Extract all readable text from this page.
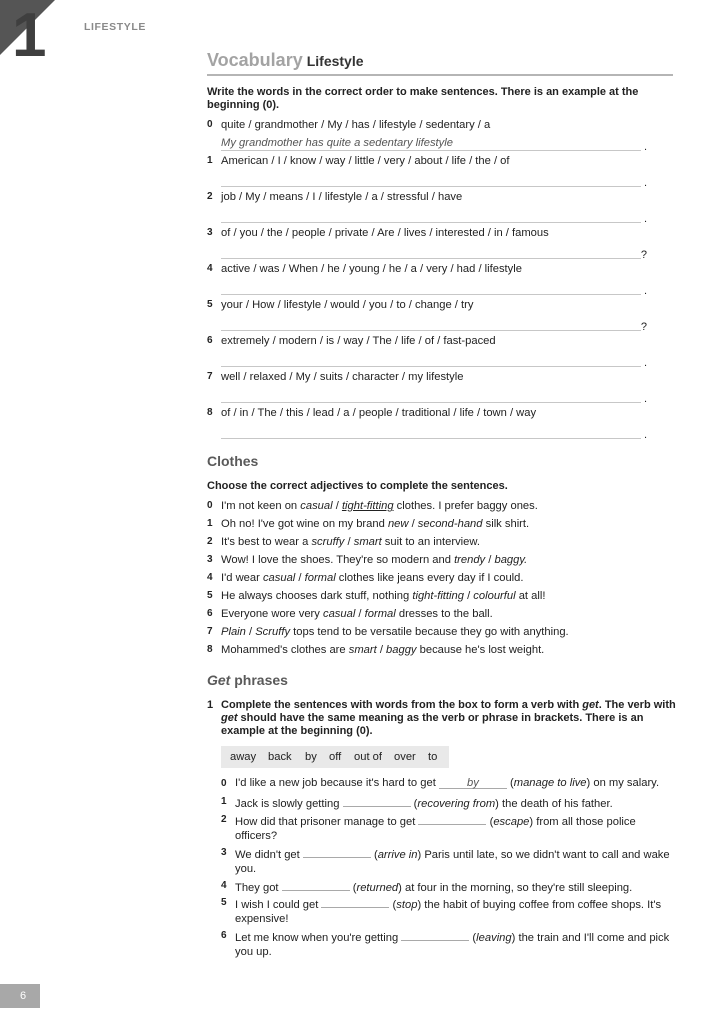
1	LIFESTYLE
Vocabulary Lifestyle
Write the words in the correct order to make sentences. There is an example at the beginning (0).
0 quite / grandmother / My / has / lifestyle / sedentary / a
My grandmother has quite a sedentary lifestyle	.
1 American / I / know / way / little / very / about / life / the / of
.
2 job / My / means / I / lifestyle / a / stressful / have
.
3 of / you / the / people / private / Are / lives / interested / in / famous
?
4 active / was / When / he / young / he / a / very / had / lifestyle
.
5 your / How / lifestyle / would / you / to / change / try
?
6 extremely / modern / is / way / The / life / of / fast-paced
.
7 well / relaxed / My / suits / character / my lifestyle
.
8 of / in / The / this / lead / a / people / traditional / life / town / way
.
Clothes
Choose the correct adjectives to complete the sentences.
0 I'm not keen on casual / tight-fitting clothes. I prefer baggy ones.
1 Oh no! I've got wine on my brand new / second-hand silk shirt.
2 It's best to wear a scruffy / smart suit to an interview.
3 Wow! I love the shoes. They're so modern and trendy / baggy.
4 I'd wear casual / formal clothes like jeans every day if I could.
5 He always chooses dark stuff, nothing tight-fitting / colourful at all!
6 Everyone wore very casual / formal dresses to the ball.
7 Plain / Scruffy tops tend to be versatile because they go with anything.
8 Mohammed's clothes are smart / baggy because he's lost weight.
Get phrases
1 Complete the sentences with words from the box to form a verb with get. The verb with get should have the same meaning as the verb or phrase in brackets. There is an example at the beginning (0).
away back by off out of over to
0 I'd like a new job because it's hard to get	by	(manage to live) on my salary.
1 Jack is slowly getting	(recovering from) the death of his father.
2 How did that prisoner manage to get	(escape) from all those police officers?
3 We didn't get	(arrive in) Paris until late, so we didn't want to call and wake you.
4 They got	(returned) at four in the morning, so they're still sleeping.
5 I wish I could get	(stop) the habit of buying coffee from coffee shops. It's expensive!
6 Let me know when you're getting	(leaving) the train and I'll come and pick you up.
6
